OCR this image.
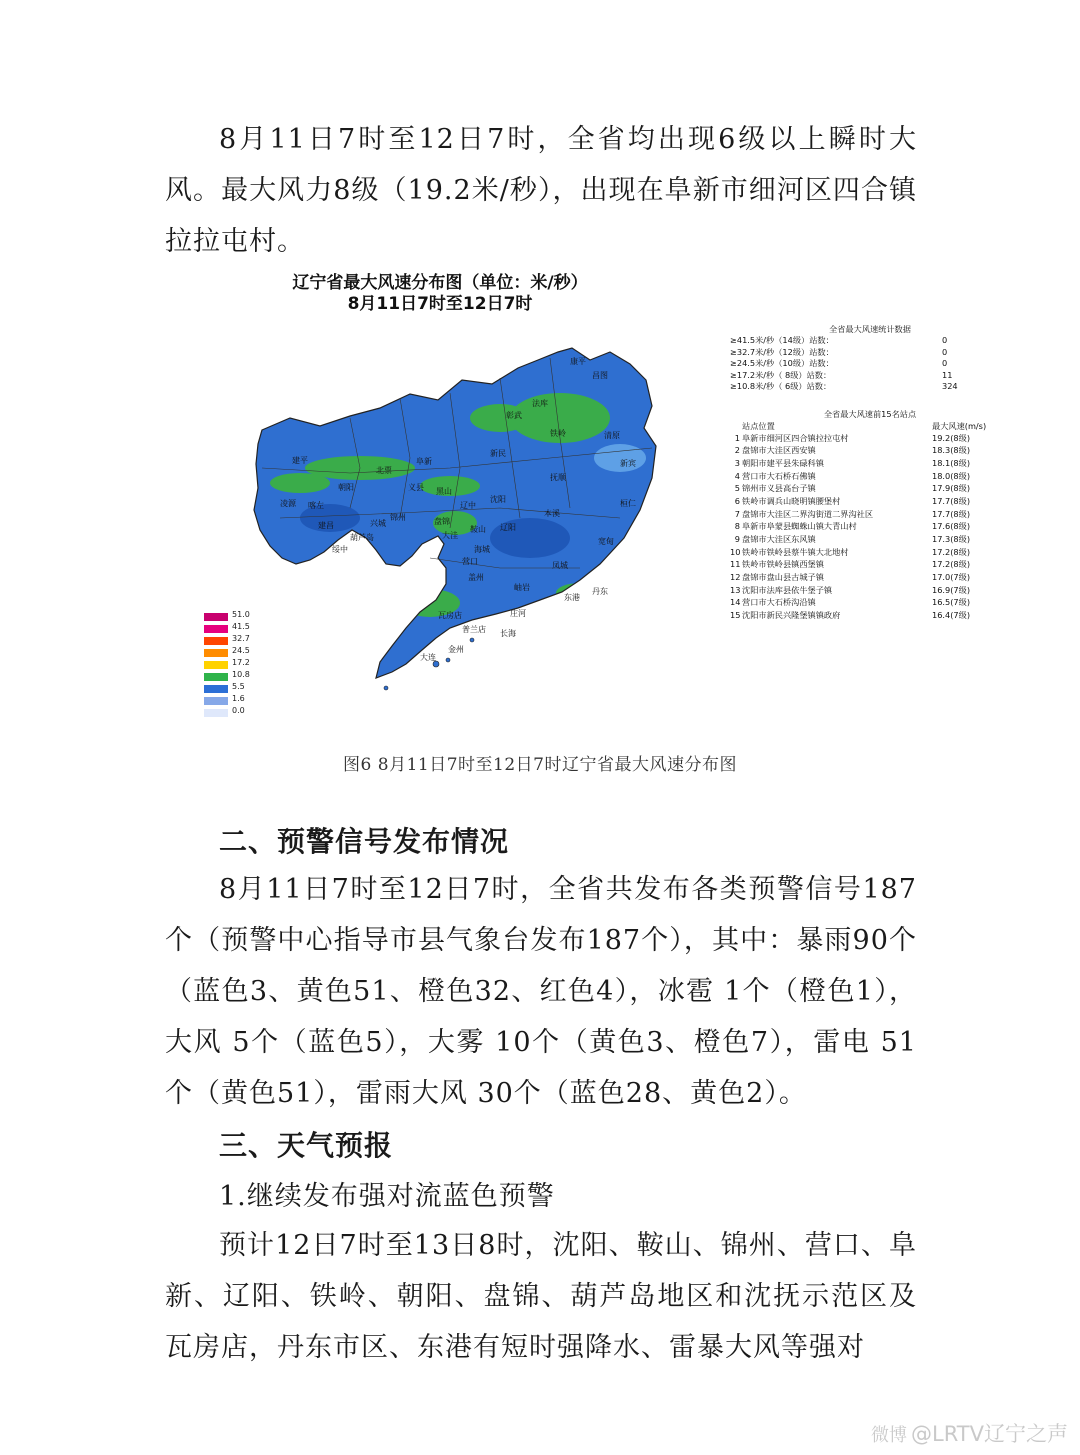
8月11日7时至12日7时，全省均出现6级以上瞬时大风。最大风力8级（19.2米/秒），出现在阜新市细河区四合镇拉拉屯村。

辽宁省最大风速分布图（单位：米/秒）
8月11日7时至12日7时
康平
昌图
彰武
法库
铁岭
建平
朝阳
北票
阜新
义县
凌源 喀左
建昌
锦州
黑山
新民
沈阳
抚顺
新宾
清原
辽中
辽阳
本溪
桓仁
鞍山
海城
营口
盖州
岫岩
凤城
宽甸
丹东
东港
庄河
瓦房店
普兰店 长海
大连
金州
兴城
绥中
葫芦岛
盘锦
大洼
51.0
41.5
32.7
24.5
17.2
10.8
5.5
1.6
0.0
全省最大风速统计数据
≥41.5米/秒（14级）站数：	0
≥32.7米/秒（12级）站数：	0
≥24.5米/秒（10级）站数：	0
≥17.2米/秒（ 8级）站数：	11
≥10.8米/秒（ 6级）站数：	324
全省最大风速前15名站点
站点位置	最大风速(m/s)
1 阜新市细河区四合镇拉拉屯村	19.2(8级)
2 盘锦市大洼区西安镇	18.3(8级)
3 朝阳市建平县朱碌科镇	18.1(8级)
4 营口市大石桥石佛镇	18.0(8级)
5 锦州市义县高台子镇	17.9(8级)
6 铁岭市调兵山晓明镇腰堡村	17.7(8级)
7 盘锦市大洼区二界沟街道二界沟社区	17.7(8级)
8 阜新市阜蒙县蜘蛛山镇大青山村	17.6(8级)
9 盘锦市大洼区东风镇	17.3(8级)
10 铁岭市铁岭县蔡牛镇大北地村	17.2(8级)
11 铁岭市铁岭县镇西堡镇	17.2(8级)
12 盘锦市盘山县古城子镇	17.0(7级)
13 沈阳市法库县依牛堡子镇	16.9(7级)
14 营口市大石桥沟沿镇	16.5(7级)
15 沈阳市新民兴隆堡镇镇政府	16.4(7级)
图6 8月11日7时至12日7时辽宁省最大风速分布图
二、预警信号发布情况

8月11日7时至12日7时，全省共发布各类预警信号187个（预警中心指导市县气象台发布187个），其中：暴雨90个（蓝色3、黄色51、橙色32、红色4），冰雹 1个（橙色1），大风 5个（蓝色5），大雾 10个（黄色3、橙色7），雷电 51个（黄色51），雷雨大风 30个（蓝色28、黄色2）。

三、天气预报
1.继续发布强对流蓝色预警

预计12日7时至13日8时，沈阳、鞍山、锦州、营口、阜新、辽阳、铁岭、朝阳、盘锦、葫芦岛地区和沈抚示范区及瓦房店，丹东市区、东港有短时强降水、雷暴大风等强对

微博 @LRTV辽宁之声
